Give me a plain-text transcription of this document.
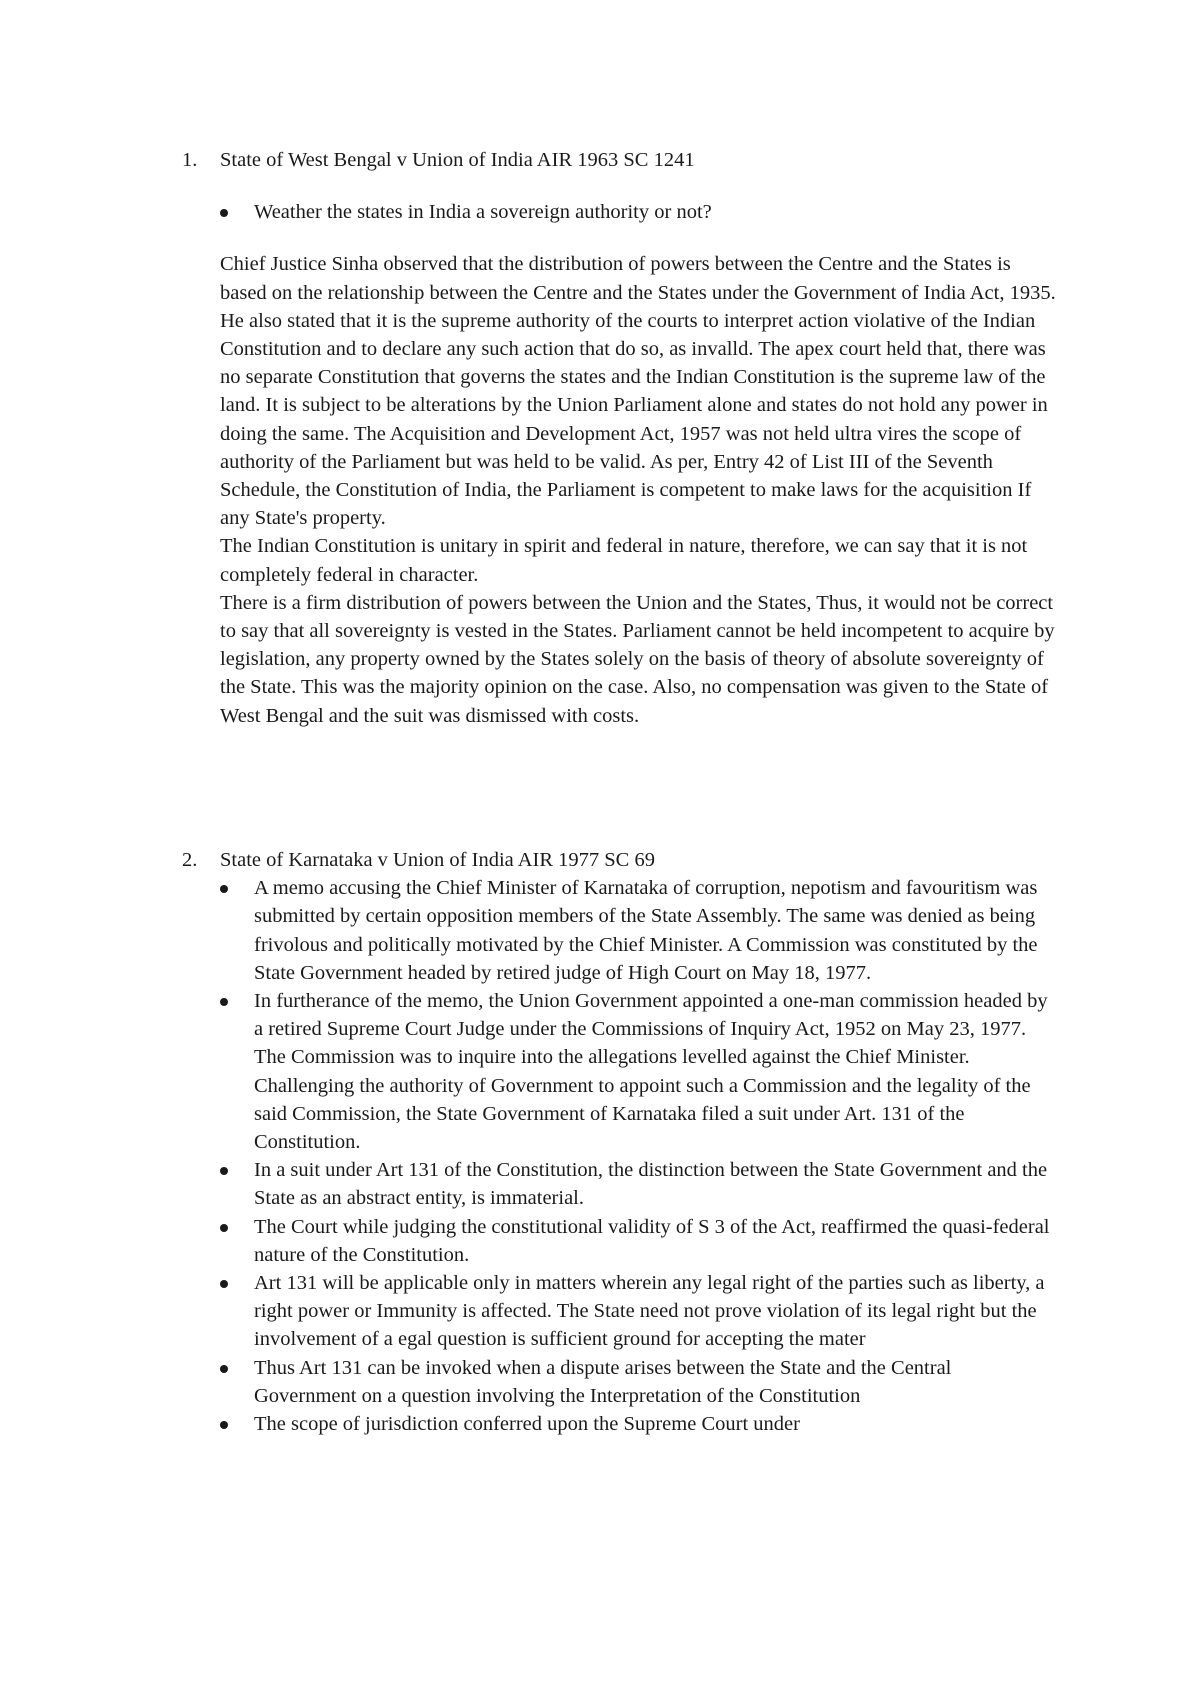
1. State of West Bengal v Union of India AIR 1963 SC 1241
Weather the states in India a sovereign authority or not?

Chief Justice Sinha observed that the distribution of powers between the Centre and the States is based on the relationship between the Centre and the States under the Government of India Act, 1935.

He also stated that it is the supreme authority of the courts to interpret action violative of the Indian Constitution and to declare any such action that do so, as invalld. The apex court held that, there was no separate Constitution that governs the states and the Indian Constitution is the supreme law of the land. It is subject to be alterations by the Union Parliament alone and states do not hold any power in doing the same. The Acquisition and Development Act, 1957 was not held ultra vires the scope of authority of the Parliament but was held to be valid. As per, Entry 42 of List III of the Seventh Schedule, the Constitution of India, the Parliament is competent to make laws for the acquisition If any State's property.

The Indian Constitution is unitary in spirit and federal in nature, therefore, we can say that it is not completely federal in character.

There is a firm distribution of powers between the Union and the States, Thus, it would not be correct to say that all sovereignty is vested in the States. Parliament cannot be held incompetent to acquire by legislation, any property owned by the States solely on the basis of theory of absolute sovereignty of the State. This was the majority opinion on the case. Also, no compensation was given to the State of West Bengal and the suit was dismissed with costs.

2. State of Karnataka v Union of India AIR 1977 SC 69
A memo accusing the Chief Minister of Karnataka of corruption, nepotism and favouritism was submitted by certain opposition members of the State Assembly. The same was denied as being frivolous and politically motivated by the Chief Minister. A Commission was constituted by the State Government headed by retired judge of High Court on May 18, 1977.
In furtherance of the memo, the Union Government appointed a one-man commission headed by a retired Supreme Court Judge under the Commissions of Inquiry Act, 1952 on May 23, 1977. The Commission was to inquire into the allegations levelled against the Chief Minister. Challenging the authority of Government to appoint such a Commission and the legality of the said Commission, the State Government of Karnataka filed a suit under Art. 131 of the Constitution.
In a suit under Art 131 of the Constitution, the distinction between the State Government and the State as an abstract entity, is immaterial.
The Court while judging the constitutional validity of S 3 of the Act, reaffirmed the quasi-federal nature of the Constitution.
Art 131 will be applicable only in matters wherein any legal right of the parties such as liberty, a right power or Immunity is affected. The State need not prove violation of its legal right but the involvement of a egal question is sufficient ground for accepting the mater
Thus Art 131 can be invoked when a dispute arises between the State and the Central Government on a question involving the Interpretation of the Constitution
The scope of jurisdiction conferred upon the Supreme Court under
